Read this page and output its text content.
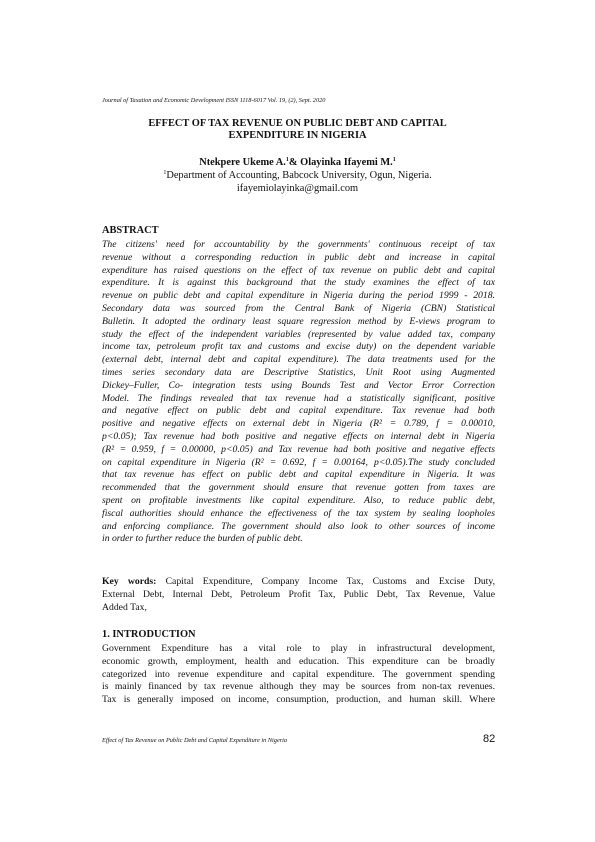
Journal of Taxation and Economic Development ISSN 1118-6017 Vol. 19, (2), Sept. 2020
EFFECT OF TAX REVENUE ON PUBLIC DEBT AND CAPITAL
EXPENDITURE IN NIGERIA
Ntekpere Ukeme A.$^1$& Olayinka Ifayemi M.$^1$
$^1$Department of Accounting, Babcock University, Ogun, Nigeria.
ifayemiolayinka@gmail.com
ABSTRACT
The citizens' need for accountability by the governments' continuous receipt of tax
revenue without a corresponding reduction in public debt and increase in capital
expenditure has raised questions on the effect of tax revenue on public debt and capital
expenditure. It is against this background that the study examines the effect of tax
revenue on public debt and capital expenditure in Nigeria during the period 1999 - 2018.
Secondary data was sourced from the Central Bank of Nigeria (CBN) Statistical
Bulletin. It adopted the ordinary least square regression method by E-views program to
study the effect of the independent variables (represented by value added tax, company
income tax, petroleum profit tax and customs and excise duty) on the dependent variable
(external debt, internal debt and capital expenditure). The data treatments used for the
times series secondary data are Descriptive Statistics, Unit Root using Augmented
Dickey–Fuller, Co- integration tests using Bounds Test and Vector Error Correction
Model. The findings revealed that tax revenue had a statistically significant, positive
and negative effect on public debt and capital expenditure. Tax revenue had both
positive and negative effects on external debt in Nigeria (R² = 0.789, f = 0.00010,
p<0.05); Tax revenue had both positive and negative effects on internal debt in Nigeria
(R² = 0.959, f = 0.00000, p<0.05) and Tax revenue had both positive and negative effects
on capital expenditure in Nigeria (R² = 0.692, f = 0.00164, p<0.05).The study concluded
that tax revenue has effect on public debt and capital expenditure in Nigeria. It was
recommended that the government should ensure that revenue gotten from taxes are
spent on profitable investments like capital expenditure. Also, to reduce public debt,
fiscal authorities should enhance the effectiveness of the tax system by sealing loopholes
and enforcing compliance. The government should also look to other sources of income
in order to further reduce the burden of public debt.
Key words: Capital Expenditure, Company Income Tax, Customs and Excise Duty,
External Debt, Internal Debt, Petroleum Profit Tax, Public Debt, Tax Revenue, Value
Added Tax,
1. INTRODUCTION
Government Expenditure has a vital role to play in infrastructural development,
economic growth, employment, health and education. This expenditure can be broadly
categorized into revenue expenditure and capital expenditure. The government spending
is mainly financed by tax revenue although they may be sources from non-tax revenues.
Tax is generally imposed on income, consumption, production, and human skill. Where
Effect of Tax Revenue on Public Debt and Capital Expenditure in Nigeria	82
